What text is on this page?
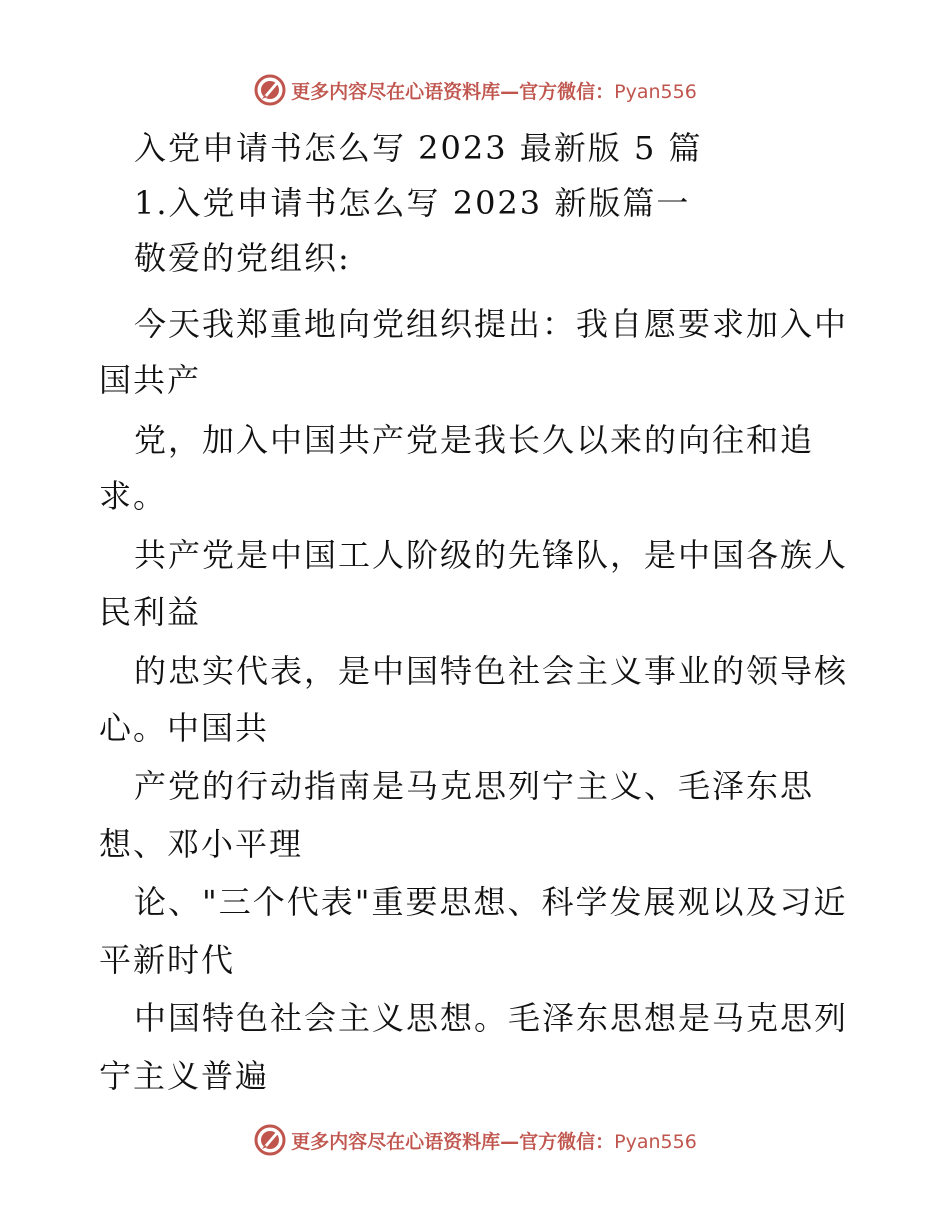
更多内容尽在心语资料库—官方微信：Pyan556
入党申请书怎么写 2023 最新版 5 篇
1.入党申请书怎么写 2023 新版篇一
敬爱的党组织:
今天我郑重地向党组织提出：我自愿要求加入中
国共产
党，加入中国共产党是我长久以来的向往和追
求。
共产党是中国工人阶级的先锋队，是中国各族人
民利益
的忠实代表，是中国特色社会主义事业的领导核
心。中国共
产党的行动指南是马克思列宁主义、毛泽东思
想、邓小平理
论、"三个代表"重要思想、科学发展观以及习近
平新时代
中国特色社会主义思想。毛泽东思想是马克思列
宁主义普遍
更多内容尽在心语资料库—官方微信：Pyan556
